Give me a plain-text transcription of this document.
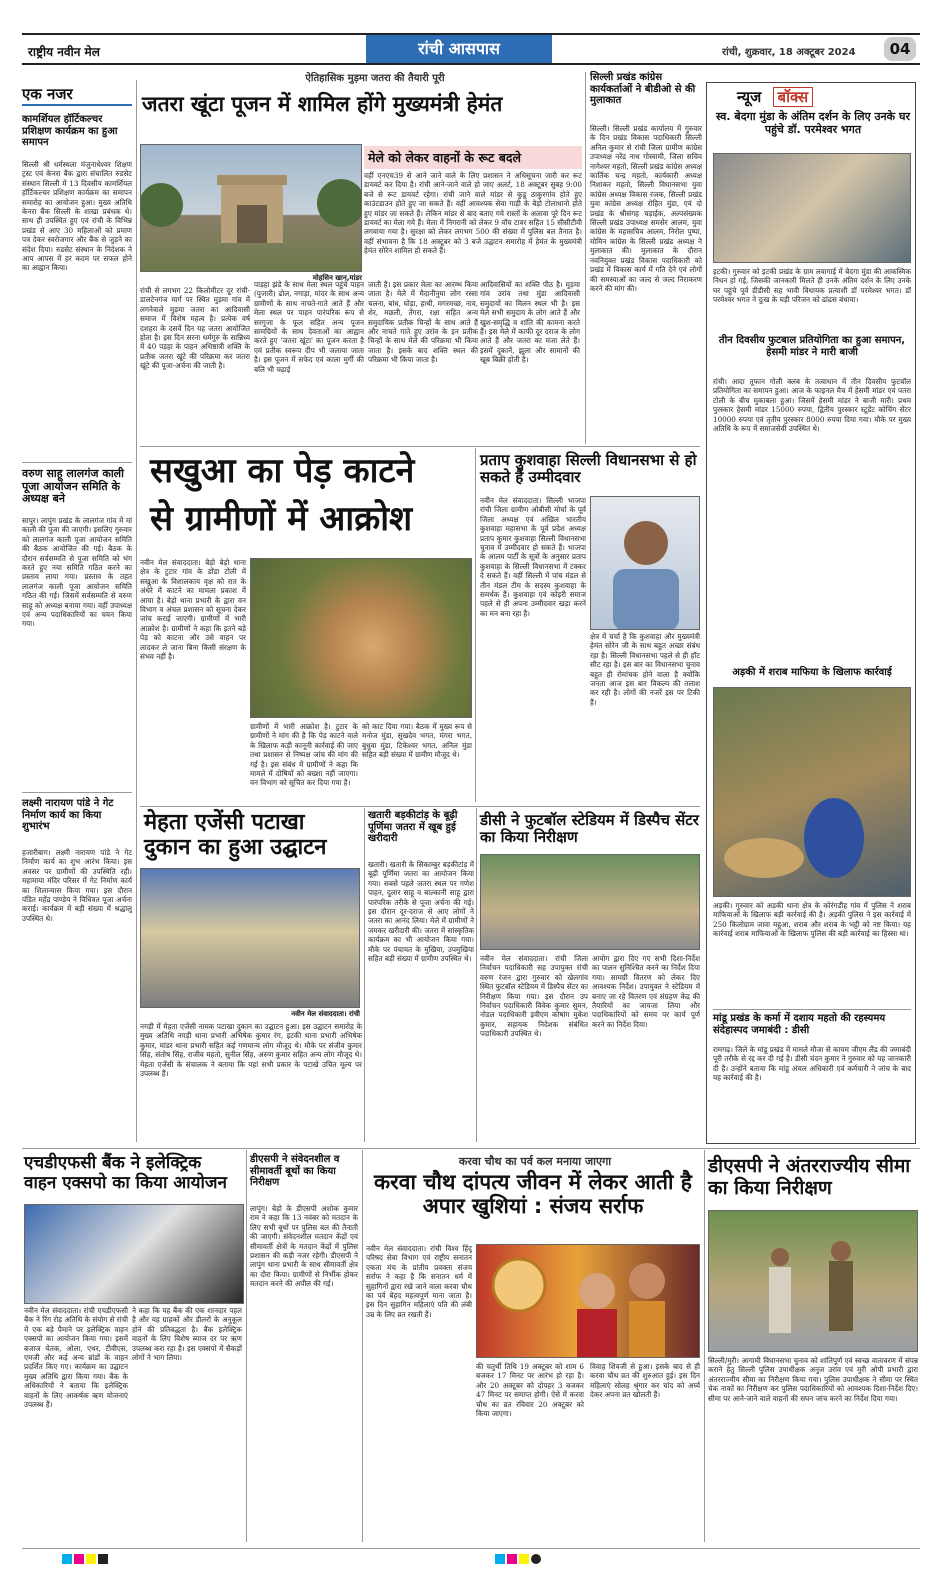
राष्ट्रीय नवीन मेल	रांची आसपास	रांची, शुक्रवार, 18 अक्टूबर 2024	04
एक नजर
कामर्शियल हॉर्टिकल्चर प्रशिक्षण कार्यक्रम का हुआ समापन
सिल्ली श्री धर्मस्थला मंजुनाथेश्वर शिक्षण ट्रस्ट एवं केनरा बैंक द्वारा संचालित रुडसेट संस्थान सिल्ली में 13 दिवसीय कामर्शियल हॉर्टिकल्चर प्रशिक्षण कार्यक्रम का समापन समारोह का आयोजन हुआ। मुख्य अतिथि केनरा बैंक सिल्ली के शाखा प्रबंधक थे। साथ ही उपस्थित हुए एवं रांची के विभिन्न प्रखंड से आए 30 महिलाओं को प्रमाण पत्र देकर स्वरोजगार और बैंक से जुड़ने का संदेश दिया। रुडसेट संस्थान के निदेशक ने आप आपस में हर कदम पर सफल होने का आह्वान किया।
वरुण साहू लालगंज काली पूजा आयोजन समिति के अध्यक्ष बने
सापुर। लापुंग प्रखंड के लालगंज गांव में मां काली की पूजा की जाएगी। इसलिए गुरुवार को लालगंज काली पूजा आयोजन समिति की बैठक आयोजित की गई। बैठक के दौरान सर्वसम्मति से पूजा समिति को भंग करते हुए नया समिति गठित करने का प्रस्ताव लाया गया। प्रस्ताव के तहत लालगंज काली पूजा आयोजन समिति गठित की गई। जिसमें सर्वसम्मति से वरुण साहू को अध्यक्ष बनाया गया। वहीं उपाध्यक्ष एवं अन्य पदाधिकारियों का चयन किया गया।
लक्ष्मी नारायण पांडे ने गेट निर्माण कार्य का किया शुभारंभ
हजारीबाग। लक्ष्मी नारायण पांडे ने गेट निर्माण कार्य का शुभ आरंभ किया। इस अवसर पर ग्रामीणों की उपस्थिति रही। महामाया मंदिर परिसर में गेट निर्माण कार्य का शिलान्यास किया गया। इस दौरान पंडित महेंद्र पाण्डेय ने विधिवत पूजा अर्चना कराई। कार्यक्रम में बड़ी संख्या में श्रद्धालु उपस्थित थे।
ऐतिहासिक मुड़मा जतरा की तैयारी पूरी
जतरा खूंटा पूजन में शामिल होंगे मुख्यमंत्री हेमंत
मोहसिन खान,मांडर
रांची से लगभग 22 किलोमीटर दूर रांची-डालटेनगंज मार्ग पर स्थित मुड़मा गांव में लगनेवाले मुड़मा जतरा का आदिवासी समाज में विशेष महत्व है। प्रत्येक वर्ष दशहरा के दसवें दिन यह जतरा आयोजित होता है। इस दिन सरना धर्मगुरु के सान्निध्य में 40 पड़हा के पाहन अधिष्ठात्री शक्ति के प्रतीक जतरा खूंटे की परिक्रमा कर जतरा खूंटे की पूजा-अर्चना की जाती है।
पाड़हा झंडे के साथ मेला स्थल पहुंचे पाहन (पुजारी) ढोल, नगाड़ा, मांदर के साथ अन्य ग्रामीणों के साथ नाचते-गाते आते हैं और मेला स्थल पर पाहन पारंपरिक रूप से सरगुजा के फूल सहित अन्य पूजन सामग्रियों के साथ देवताओं का आह्वान करते हुए 'जतरा खूंटा' का पूजन करता है एवं प्रतीक स्वरूप दीप भी जलाया जाता है। इस पूजन में सफेद एवं काला मुर्गी की बलि भी चढ़ाई
जाती है। इस प्रकार मेला का आरम्भ किया जाता है। मेले में मैदानीनुमा लोग रस्सा चलना, बांध, घोड़ा, हाथी, मगरमच्छ, नाव, शेर, मछली, तेंगरा, रक्षा सहित अन्य समुदायिक प्रतीक चिन्हों के साथ आते हैं और नाचते गाते हुए उरांव के इन प्रतीक चिन्हों के साथ मेले की परिक्रमा भी किया जाता है। इसके बाद शक्ति स्थल की परिक्रमा भी किया जाता है।
आदिवासियों का शक्ति पीठ है। मुड़मा गांव उरांव तथा मुंडा आदिवासी समुदायों का मिलन स्थल भी है। इस मेले सभी समुदाय के लोग आते हैं और खुश-समृद्धि व शांति की कामना करते हैं। इस मेले में काफी दूर दराज के लोग आते हैं और जतरा का मजा लेते हैं। इसमें दुकानें, झूला और सामानों की खूब बिक्री होती है।
मेले को लेकर वाहनों के रूट बदले
वहीं एनएच39 से आने जाने वाले के लिए प्रशासन ने अधिसूचना जारी कर रूट डायवर्ट कर दिया है। रांची आने-जाने वाले हो जाए अलर्ट, 18 अक्टूबर सुबह 9:00 बजे से रूट डायवर्ट रहेगा। रांची जाने वाले मांडर से कुडू ठाकुरगांव होते हुए काउंटडाउन होते हुए जा सकते हैं। वहीं आवश्यक सेवा गाड़ी के बेड़ो टोलाधानो होते हुए मांडर जा सकते हैं। लेकिन मांडर से बाद बताए गये रास्तों के अलावा पूरे दिन रूट डायवर्ट का मेला गये हैं। मेला में निगरानी को लेकर 9 वॉच टावर सहित 15 सीसीटीवी लगवाया गया है। सुरक्षा को लेकर लगभग 500 की संख्या में पुलिस बल तैनात है। वहीं संभावना है कि 18 अक्टूबर को 3 बजे उद्घाटन समारोह में हेमंत के मुख्यमंत्री हेमंत सोरेन शामिल हो सकते हैं।
सिल्ली प्रखंड कांग्रेस कार्यकर्ताओं ने बीडीओ से की मुलाकात
सिल्ली। सिल्ली प्रखंड कार्यालय में गुरुवार के दिन प्रखंड विकास पदाधिकारी सिल्ली अनिल कुमार से रांची जिला ग्रामीण कांग्रेस उपाध्यक्ष नरेंद्र नाथ गोस्वामी, जिला सचिव नागेश्वर महतो, सिल्ली प्रखंड कांग्रेस अध्यक्ष कार्तिक चन्द्र महतो, कार्यकारी अध्यक्ष निशाकर महतो, सिल्ली विधानसभा युवा कांग्रेस अध्यक्ष विकास रजक, सिल्ली प्रखंड युवा कांग्रेस अध्यक्ष रोहित मुंडा, एवं दो प्रखंड के श्रीसंगह चड़ाईक, अल्पसंख्यक सिल्ली प्रखंड उपाध्यक्ष समसेर आलम, युवा कांग्रेस के महासचिव आलम, निरोल पुष्पा, मोमिन कांग्रेस के सिल्ली प्रखंड अध्यक्ष ने मुलाकात की। मुलाकात के दौरान नवनियुक्त प्रखंड विकास पदाधिकारी को प्रखंड में विकास कार्य में गति देने एवं लोगों की समस्याओं का जल्द से जल्द निराकरण करने की मांग की।
न्यूज बॉक्स
स्व. बेदगा मुंडा के अंतिम दर्शन के लिए उनके घर पहुंचे डॉ. परमेश्वर भगत
इटकी। गुरुवार को इटकी प्रखंड के ग्राम लवागाई में बेदगा मुंडा की आकस्मिक निधन हो गई, जिसकी जानकारी मिलते ही उनके अंतिम दर्शन के लिए उनके घर पहुंचे पूर्व डीडीसी सह भावी विधायक प्रत्याशी डॉ परमेश्वर भगत। डॉ परमेश्वर भगत ने दुःख के घड़ी परिजन को ढांढस बंधाया।
तीन दिवसीय फुटबाल प्रतियोगिता का हुआ समापन, हेसमी मांडर ने मारी बाजी
रांची। आदा तूफान गोली क्लब के तत्वाधान में तीन दिवसीय फुटबॉल प्रतियोगिता का समापन हुआ। आज के फाइनल मैच में हेसमी मांडर एवं पतरा टोली के बीच मुकाबला हुआ। जिसमें हेसमी मांडर ने बाजी मारी। प्रथम पुरस्कार हेसमी मांडर 15000 रुपया, द्वितीय पुरस्कार स्टूडेंट कोचिंग सेंटर 10000 रुपया एवं तृतीय पुरस्कार 8000 रुपया दिया गया। मौके पर मुख्य अतिथि के रूप में समाजसेवी उपस्थित थे।
अड़की में शराब माफिया के खिलाफ कार्रवाई
अड़की। गुरुवार को अड़की थाना क्षेत्र के कोरंगडीह गांव में पुलिस ने शराब माफियाओं के खिलाफ बड़ी कार्रवाई की है। अड़की पुलिस ने इस कार्रवाई में 250 किलोग्राम जावा महुआ, शराब और शराब के भट्ठी को नष्ट किया। यह कार्रवाई शराब माफियाओं के खिलाफ पुलिस की बड़ी कार्रवाई का हिस्सा था।
मांडू प्रखंड के कर्मा में दशाय महतो की रहस्यमय संदेहास्पद जमाबंदी : डीसी
रामगढ़। जिले के मांडू प्रखंड में मामले मौजा से कायम जीएम लैंड की जमाबंदी पूरी तरीके से रद्द कर दी गई है। डीसी चंदन कुमार ने गुरुवार को यह जानकारी दी है। उन्होंने बताया कि मांडू अंचल अधिकारी एवं कर्मचारी ने जांच के बाद यह कार्रवाई की है।
सखुआ का पेड़ काटने
से ग्रामीणों में आक्रोश
नवीन मेल संवाददाता। बेड़ो बेड़ो थाना क्षेत्र के टुटार गांव के डोंडा टोली में सखुआ के विशालकाय वृक्ष को रात के अंधेरे में काटने का मामला प्रकाश में आया है। बेड़ो थाना प्रभारी के द्वारा वन विभाग व अंचल प्रशासन को सूचना देकर जांच कराई जाएगी। ग्रामीणों में भारी आक्रोश है। ग्रामीणों ने कहा कि इतने बड़े पेड़ को काटना और उसे वाहन पर लादकर ले जाना बिना किसी संरक्षण के संभव नहीं है।
ग्रामीणों में भारी आक्रोश है। टुटार के ग्रामीणों ने मांग की है कि पेड़ काटने वाले के खिलाफ कड़ी कानूनी कार्रवाई की जाए तथा प्रशासन से निष्पक्ष जांच की मांग की गई है। इस संबंध में ग्रामीणों ने कहा कि मामले में दोषियों को बख्शा नहीं जाएगा। वन विभाग को सूचित कर दिया गया है।
को काट दिया गया। बैठक में मुख्य रूप से मनोज मुंडा, सुखदेव भगत, मंगरा भगत, बुधुवा मुंडा, टिकेश्वर भगत, अनिल मुंडा सहित बड़ी संख्या में ग्रामीण मौजूद थे।
प्रताप कुशवाहा सिल्ली विधानसभा से हो सकते हैं उम्मीदवार
नवीन मेल संवाददाता। सिल्ली भाजपा रांची जिला ग्रामीण ओबीसी मोर्चा के पूर्व जिला अध्यक्ष एवं अखिल भारतीय कुशवाहा महासभा के पूर्व प्रदेश अध्यक्ष प्रताप कुमार कुशवाहा सिल्ली विधानसभा चुनाव में उम्मीदवार हो सकते हैं। भाजपा के आलम पार्टी के सूत्रों के अनुसार प्रताप कुशवाहा के सिल्ली विधानसभा में टक्कर दे सकते हैं। वहीं सिल्ली में पांच मंडल से तीन मंडल टीम के सदस्य कुशवाहा के समर्थक हैं। कुशवाहा एवं कोइरी समाज पहले से ही अपना उम्मीदवार खड़ा करने का मन बना रहा है।
क्षेत्र में चर्चा है कि कुशवाहा और मुख्यमंत्री हेमंत सोरेन जी के साथ बहुत अच्छा संबंध रहा है। सिल्ली विधानसभा पहले से ही हॉट सीट रहा है। इस बार का विधानसभा चुनाव बहुत ही रोमांचक होने वाला है क्योंकि जनता आज इस बार विकल्प की तलाश कर रही है। लोगों की नजरें इस पर टिकी हैं।
मेहता एजेंसी पटाखा दुकान का हुआ उद्घाटन
नवीन मेल संवाददाता। रांची
नगड़ी में मेहता एजेंसी नामक पटाखा दुकान का उद्घाटन हुआ। इस उद्घाटन समारोह के मुख्य अतिथि नगड़ी थाना प्रभारी अभिषेक कुमार रंग, इटकी थाना प्रभारी अभिषेक कुमार, मांडर थाना प्रभारी सहित कई गणमान्य लोग मौजूद थे। मौके पर संजीव कुमार सिंह, संतोष सिंह, राजीव महतो, सुनील सिंह, अरुण कुमार सहित अन्य लोग मौजूद थे। मेहता एजेंसी के संचालक ने बताया कि यहां सभी प्रकार के पटाखे उचित मूल्य पर उपलब्ध हैं।
खतारी बड़कीटांड़ के बूढ़ी पूर्णिमा जतरा में खूब हुई खरीदारी
खतारी। खतारी के सिकाम्बुर बड़कीटांड़ में बूढ़ी पूर्णिमा जतरा का आयोजन किया गया। सबसे पहले जतरा स्थल पर गणेश पाहन, दुलार साहू व बाल्कानी साहू द्वारा पारंपरिक तरीके से पूजा अर्चना की गई। इस दौरान दूर-दराज से आए लोगों ने जतरा का आनंद लिया। मेले में ग्रामीणों ने जमकर खरीदारी की। जतरा में सांस्कृतिक कार्यक्रम का भी आयोजन किया गया। मौके पर पंचायत के मुखिया, उपमुखिया सहित बड़ी संख्या में ग्रामीण उपस्थित थे।
डीसी ने फुटबॉल स्टेडियम में डिस्पैच सेंटर का किया निरीक्षण
नवीन मेल संवाददाता। रांची जिला निर्वाचन पदाधिकारी सह उपायुक्त रांची वरुण रंजन द्वारा गुरुवार को खेलगांव स्थित फुटबॉल स्टेडियम में डिस्पैच सेंटर का निरीक्षण किया गया। इस दौरान उप निर्वाचन पदाधिकारी विवेक कुमार सुमन, नोडल पदाधिकारी इवीएम कोषांग मुकेश कुमार, सहायक निदेशक संबंधित पदाधिकारी उपस्थित थे।
आयोग द्वारा दिए गए सभी दिशा-निर्देश का पालन सुनिश्चित करने का निर्देश दिया गया। सामग्री वितरण को लेकर दिए आवश्यक निर्देश। उपायुक्त ने स्टेडियम में बनाए जा रहे वितरण एवं संग्रहण केंद्र की तैयारियों का जायजा लिया और पदाधिकारियों को समय पर कार्य पूर्ण करने का निर्देश दिया।
एचडीएफसी बैंक ने इलेक्ट्रिक वाहन एक्सपो का किया आयोजन
नवीन मेल संवाददाता। रांची एचडीएफसी बैंक ने रिंग रोड़ अतिथि के संयोग से रांची में एक बड़े पैमाने पर इलेक्ट्रिक वाहन एक्सपो का आयोजन किया गया। इसमें बजाज चेतक, ओला, एथर, टीवीएस, एमजी और कई अन्य ब्रांडों के वाहन प्रदर्शित किए गए। कार्यक्रम का उद्घाटन मुख्य अतिथि द्वारा किया गया। बैंक के अधिकारियों ने बताया कि इलेक्ट्रिक वाहनों के लिए आकर्षक ऋण योजनाएं उपलब्ध हैं।
ने कहा कि यह बैंक की एक शानदार पहल है और यह ग्राहकों और डीलरों के अनुकूल होने की प्रतिबद्धता है। बैंक इलेक्ट्रिक वाहनों के लिए विशेष ब्याज दर पर ऋण उपलब्ध करा रहा है। इस एक्सपो में सैकड़ों लोगों ने भाग लिया।
डीएसपी ने संवेदनशील व सीमावर्ती बूथों का किया निरीक्षण
लापुंग। बेड़ो के डीएसपी अशोक कुमार राम ने कहा कि 13 नवंबर को मतदान के लिए सभी बूथों पर पुलिस बल की तैनाती की जाएगी। संवेदनशील मतदान केंद्रों एवं सीमावर्ती क्षेत्रों के मतदान केंद्रों में पुलिस प्रशासन की कड़ी नजर रहेगी। डीएसपी ने लापुंग थाना प्रभारी के साथ सीमावर्ती क्षेत्र का दौरा किया। ग्रामीणों से निर्भीक होकर मतदान करने की अपील की गई।
करवा चौथ का पर्व कल मनाया जाएगा
करवा चौथ दांपत्य जीवन में लेकर आती है अपार खुशियां : संजय सर्राफ
नवीन मेल संवाददाता। रांची विश्व हिंदू परिषद सेवा विभाग एवं राष्ट्रीय सनातन एकता मंच के प्रांतीय प्रवक्ता संजय सर्राफ ने कहा है कि सनातन धर्म में सुहागिनों द्वारा रखे जाने वाला करवा चौथ का पर्व बेहद महत्वपूर्ण माना जाता है। इस दिन सुहागिन महिलाएं पति की लंबी उम्र के लिए व्रत रखती हैं।
की चतुर्थी तिथि 19 अक्टूबर को शाम 6 बजकर 17 मिनट पर आरंभ हो रहा है। और 20 अक्टूबर को दोपहर 3 बजकर 47 मिनट पर समाप्त होगी। ऐसे में करवा चौथ का व्रत रविवार 20 अक्टूबर को किया जाएगा।
विवाह शिवजी से हुआ। इसके बाद से ही करवा चौथ व्रत की शुरुआत हुई। इस दिन महिलाएं सोलह श्रृंगार कर चांद को अर्घ्य देकर अपना व्रत खोलती हैं।
डीएसपी ने अंतरराज्यीय सीमा का किया निरीक्षण
सिल्ली/मुरी। आगामी विधानसभा चुनाव को शांतिपूर्ण एवं स्वच्छ वातावरण में संपन्न कराने हेतु सिल्ली पुलिस उपाधीक्षक अनुज उरांव एवं मुरी ओपी प्रभारी द्वारा अंतरराज्यीय सीमा का निरीक्षण किया गया। पुलिस उपाधीक्षक ने सीमा पर स्थित चेक नाकों का निरीक्षण कर पुलिस पदाधिकारियों को आवश्यक दिशा-निर्देश दिए। सीमा पर आने-जाने वाले वाहनों की सघन जांच करने का निर्देश दिया गया।
